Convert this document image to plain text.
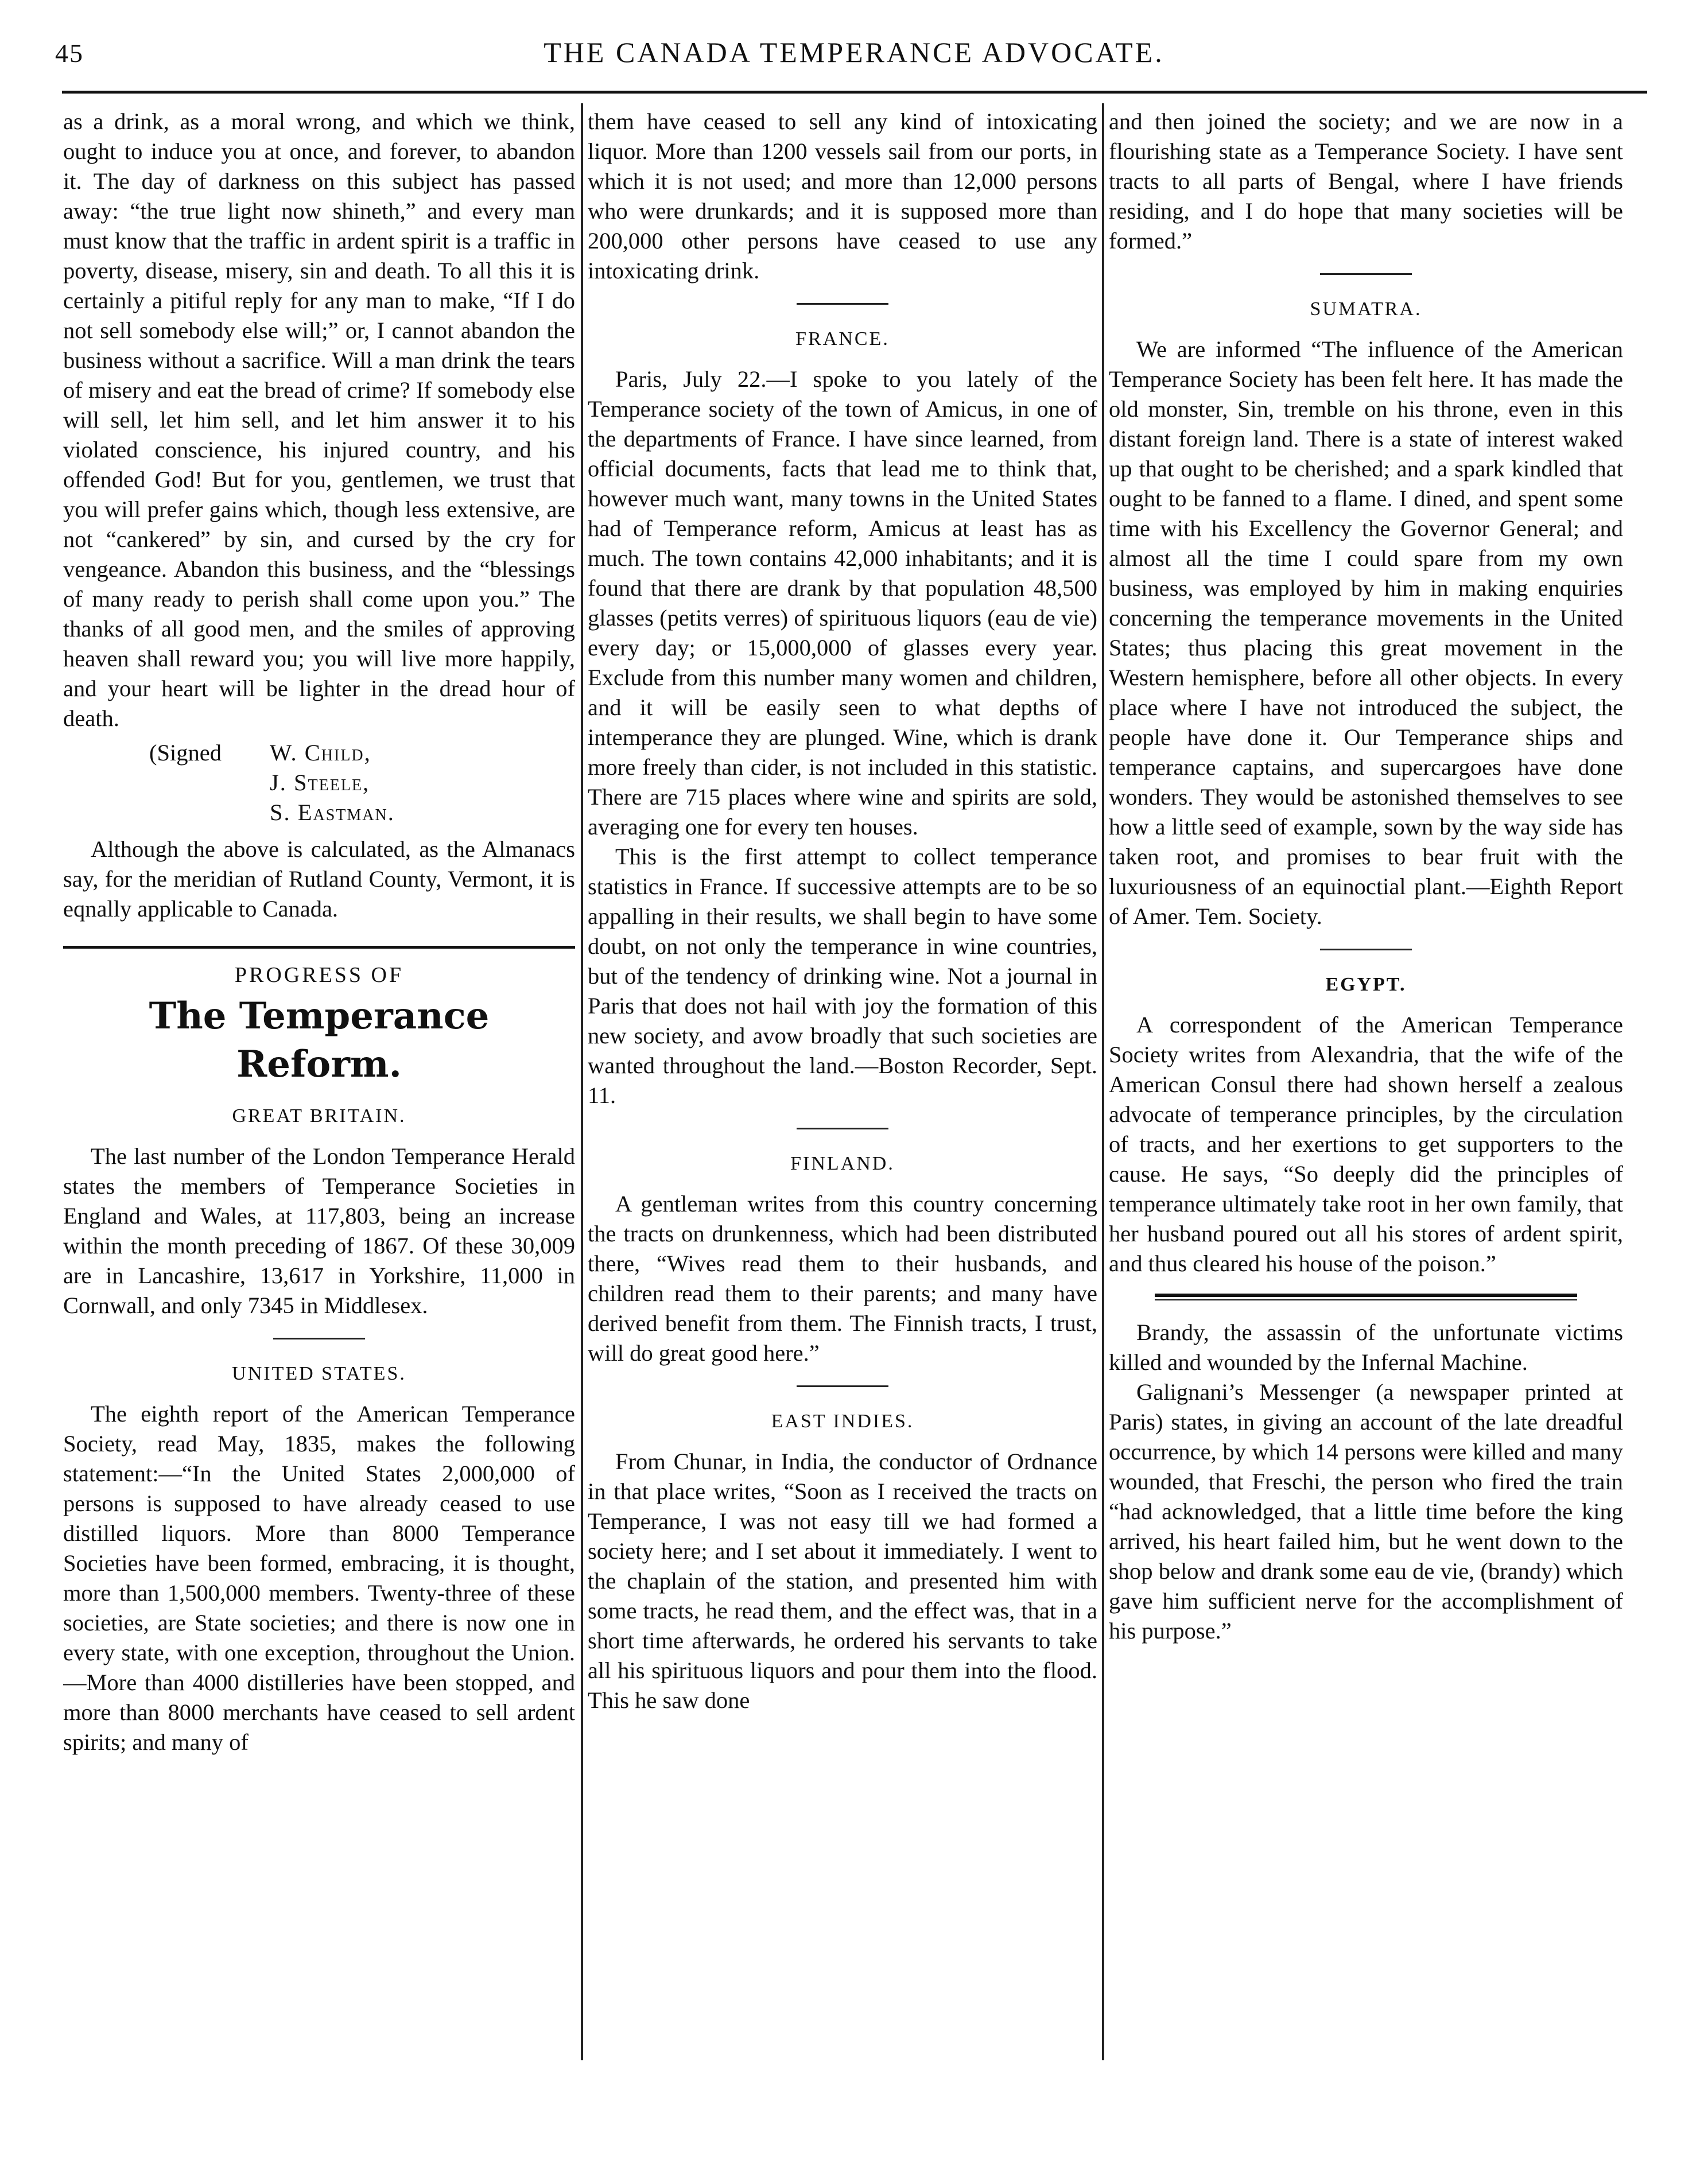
45	THE CANADA TEMPERANCE ADVOCATE.

as a drink, as a moral wrong, and which we think, ought to induce you at once, and forever, to abandon it. The day of darkness on this subject has passed away: “the true light now shineth,” and every man must know that the traffic in ardent spirit is a traffic in poverty, disease, misery, sin and death. To all this it is certainly a pitiful reply for any man to make, “If I do not sell somebody else will;” or, I cannot abandon the business without a sacrifice. Will a man drink the tears of misery and eat the bread of crime? If somebody else will sell, let him sell, and let him answer it to his violated conscience, his injured country, and his offended God! But for you, gentlemen, we trust that you will prefer gains which, though less extensive, are not “cankered” by sin, and cursed by the cry for vengeance. Abandon this business, and the “blessings of many ready to perish shall come upon you.” The thanks of all good men, and the smiles of approving heaven shall reward you; you will live more happily, and your heart will be lighter in the dread hour of death.

(Signed	W. Child,
J. Steele,
S. Eastman.

Although the above is calculated, as the Almanacs say, for the meridian of Rutland County, Vermont, it is eqnally applicable to Canada.

PROGRESS OF
The Temperance Reform.
GREAT BRITAIN.

The last number of the London Temperance Herald states the members of Temperance Societies in England and Wales, at 117,803, being an increase within the month preceding of 1867. Of these 30,009 are in Lancashire, 13,617 in Yorkshire, 11,000 in Cornwall, and only 7345 in Middlesex.

UNITED STATES.

The eighth report of the American Temperance Society, read May, 1835, makes the following statement:—“In the United States 2,000,000 of persons is supposed to have already ceased to use distilled liquors. More than 8000 Temperance Societies have been formed, embracing, it is thought, more than 1,500,000 members. Twenty-three of these societies, are State societies; and there is now one in every state, with one exception, throughout the Union.—More than 4000 distilleries have been stopped, and more than 8000 merchants have ceased to sell ardent spirits; and many of

them have ceased to sell any kind of intoxicating liquor. More than 1200 vessels sail from our ports, in which it is not used; and more than 12,000 persons who were drunkards; and it is supposed more than 200,000 other persons have ceased to use any intoxicating drink.

FRANCE.

Paris, July 22.—I spoke to you lately of the Temperance society of the town of Amicus, in one of the departments of France. I have since learned, from official documents, facts that lead me to think that, however much want, many towns in the United States had of Temperance reform, Amicus at least has as much. The town contains 42,000 inhabitants; and it is found that there are drank by that population 48,500 glasses (petits verres) of spirituous liquors (eau de vie) every day; or 15,000,000 of glasses every year. Exclude from this number many women and children, and it will be easily seen to what depths of intemperance they are plunged. Wine, which is drank more freely than cider, is not included in this statistic. There are 715 places where wine and spirits are sold, averaging one for every ten houses.

This is the first attempt to collect temperance statistics in France. If successive attempts are to be so appalling in their results, we shall begin to have some doubt, on not only the temperance in wine countries, but of the tendency of drinking wine. Not a journal in Paris that does not hail with joy the formation of this new society, and avow broadly that such societies are wanted throughout the land.—Boston Recorder, Sept. 11.

FINLAND.

A gentleman writes from this country concerning the tracts on drunkenness, which had been distributed there, “Wives read them to their husbands, and children read them to their parents; and many have derived benefit from them. The Finnish tracts, I trust, will do great good here.”

EAST INDIES.

From Chunar, in India, the conductor of Ordnance in that place writes, “Soon as I received the tracts on Temperance, I was not easy till we had formed a society here; and I set about it immediately. I went to the chaplain of the station, and presented him with some tracts, he read them, and the effect was, that in a short time afterwards, he ordered his servants to take all his spirituous liquors and pour them into the flood. This he saw done

and then joined the society; and we are now in a flourishing state as a Temperance Society. I have sent tracts to all parts of Bengal, where I have friends residing, and I do hope that many societies will be formed.”

SUMATRA.

We are informed “The influence of the American Temperance Society has been felt here. It has made the old monster, Sin, tremble on his throne, even in this distant foreign land. There is a state of interest waked up that ought to be cherished; and a spark kindled that ought to be fanned to a flame. I dined, and spent some time with his Excellency the Governor General; and almost all the time I could spare from my own business, was employed by him in making enquiries concerning the temperance movements in the United States; thus placing this great movement in the Western hemisphere, before all other objects. In every place where I have not introduced the subject, the people have done it. Our Temperance ships and temperance captains, and supercargoes have done wonders. They would be astonished themselves to see how a little seed of example, sown by the way side has taken root, and promises to bear fruit with the luxuriousness of an equinoctial plant.—Eighth Report of Amer. Tem. Society.

EGYPT.

A correspondent of the American Temperance Society writes from Alexandria, that the wife of the American Consul there had shown herself a zealous advocate of temperance principles, by the circulation of tracts, and her exertions to get supporters to the cause. He says, “So deeply did the principles of temperance ultimately take root in her own family, that her husband poured out all his stores of ardent spirit, and thus cleared his house of the poison.”

Brandy, the assassin of the unfortunate victims killed and wounded by the Infernal Machine.

Galignani’s Messenger (a newspaper printed at Paris) states, in giving an account of the late dreadful occurrence, by which 14 persons were killed and many wounded, that Freschi, the person who fired the train “had acknowledged, that a little time before the king arrived, his heart failed him, but he went down to the shop below and drank some eau de vie, (brandy) which gave him sufficient nerve for the accomplishment of his purpose.”
